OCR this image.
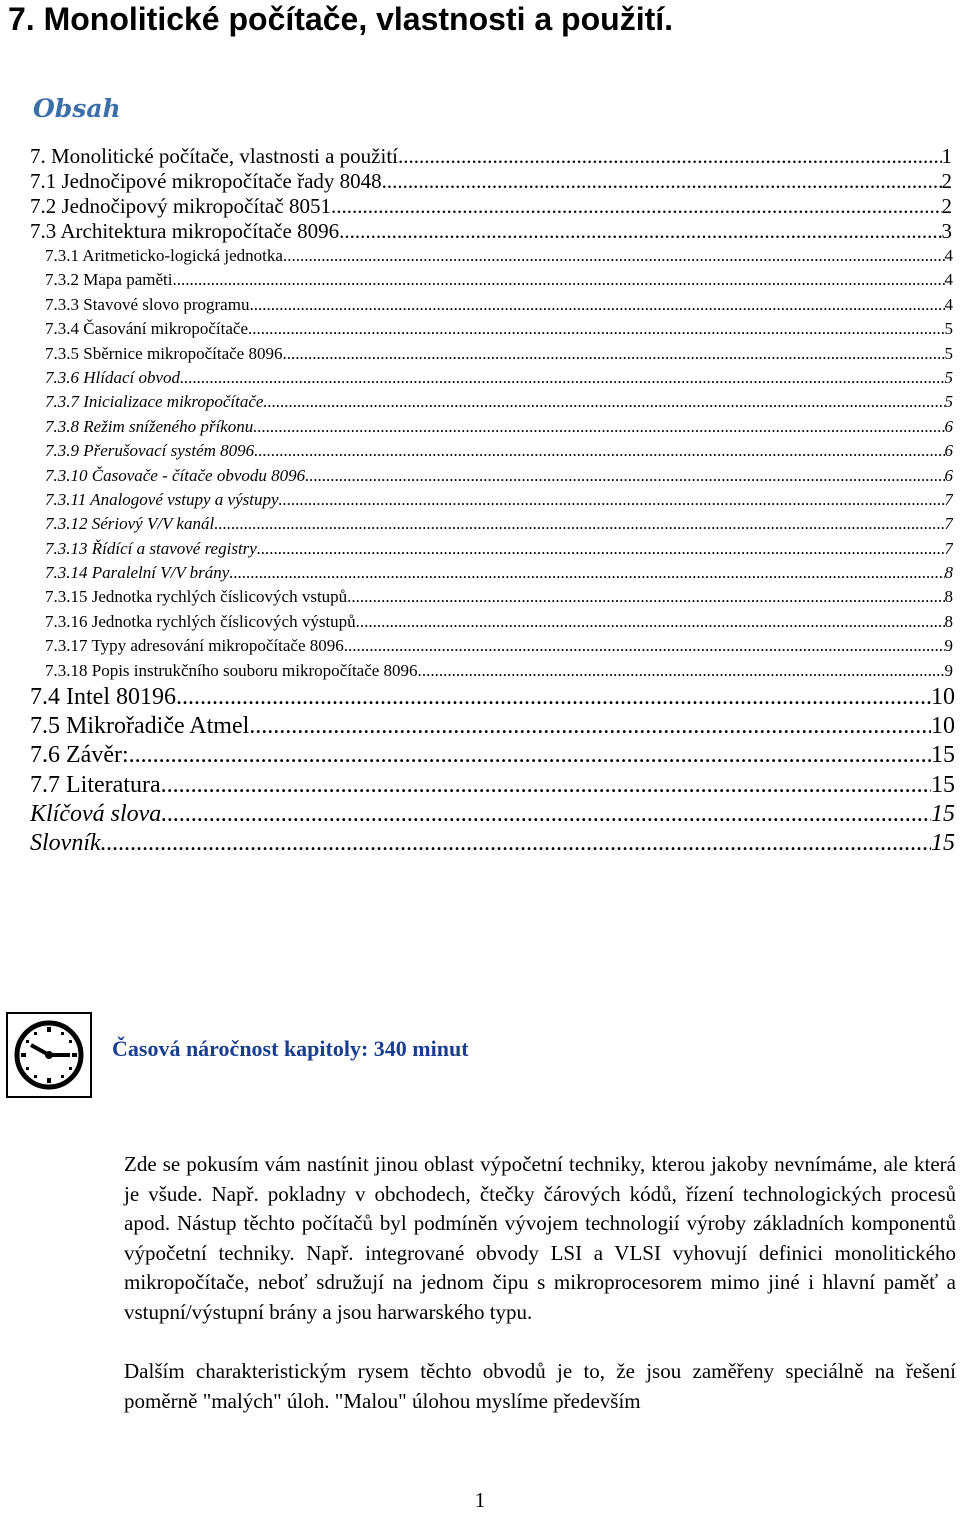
7. Monolitické počítače, vlastnosti a použití.
Obsah
7. Monolitické počítače, vlastnosti a použití. .....	1
7.1 Jednočipové mikropočítače řady 8048. .....	2
7.2 Jednočipový mikropočítač 8051. .....	2
7.3 Architektura mikropočítače 8096. .....	3
7.3.1 Aritmeticko-logická jednotka .....	4
7.3.2 Mapa paměti .....	4
7.3.3 Stavové slovo programu .....	4
7.3.4 Časování mikropočítače .....	5
7.3.5 Sběrnice mikropočítače 8096 .....	5
7.3.6 Hlídací obvod .....	5
7.3.7 Inicializace mikropočítače .....	5
7.3.8 Režim sníženého příkonu .....	6
7.3.9 Přerušovací systém 8096 .....	6
7.3.10 Časovače - čítače obvodu 8096 .....	6
7.3.11 Analogové vstupy a výstupy .....	7
7.3.12 Sériový V/V kanál .....	7
7.3.13 Řídící a stavové registry .....	7
7.3.14 Paralelní V/V brány .....	8
7.3.15 Jednotka rychlých číslicových vstupů .....	8
7.3.16 Jednotka rychlých číslicových výstupů .....	8
7.3.17 Typy adresování mikropočítače 8096 .....	9
7.3.18 Popis instrukčního souboru mikropočítače 8096. .....	9
7.4 Intel 80196 .....	10
7.5 Mikrořadiče Atmel .....	10
7.6 Závěr: .....	15
7.7 Literatura .....	15
Klíčová slova .....	15
Slovník .....	15

Časová náročnost kapitoly: 340 minut

Zde se pokusím vám nastínit jinou oblast výpočetní techniky, kterou jakoby nevnímáme, ale která je všude. Např. pokladny v obchodech, čtečky čárových kódů, řízení technologických procesů apod. Nástup těchto počítačů byl podmíněn vývojem technologií výroby základních komponentů výpočetní techniky. Např. integrované obvody LSI a VLSI vyhovují definici monolitického mikropočítače, neboť sdružují na jednom čipu s mikroprocesorem mimo jiné i hlavní paměť a vstupní/výstupní brány a jsou harwarského typu.

Dalším charakteristickým rysem těchto obvodů je to, že jsou zaměřeny speciálně na řešení poměrně "malých" úloh. "Malou" úlohou myslíme především

1
